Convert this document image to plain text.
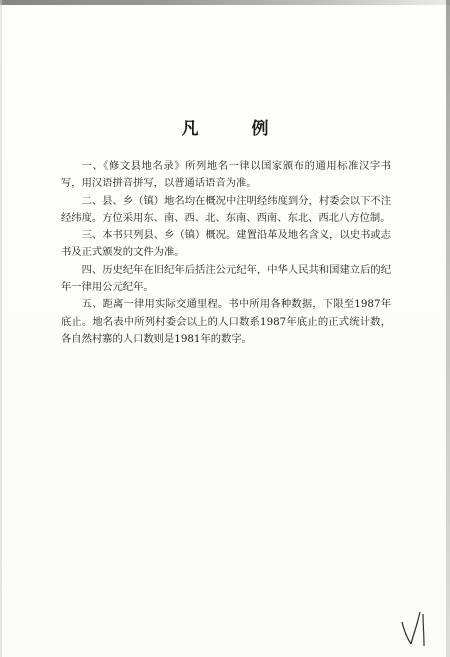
凡　例

一、《修文县地名录》所列地名一律以国家颁布的通用标准汉字书写，用汉语拼音拼写，以普通话语音为准。

二、县、乡（镇）地名均在概况中注明经纬度到分，村委会以下不注经纬度。方位采用东、南、西、北、东南、西南、东北、西北八方位制。

三、本书只列县、乡（镇）概况。建置沿革及地名含义，以史书或志书及正式颁发的文件为准。

四、历史纪年在旧纪年后括注公元纪年，中华人民共和国建立后的纪年一律用公元纪年。

五、距离一律用实际交通里程。书中所用各种数据，下限至1987年底止。地名表中所列村委会以上的人口数系1987年底止的正式统计数，各自然村寨的人口数则是1981年的数字。
